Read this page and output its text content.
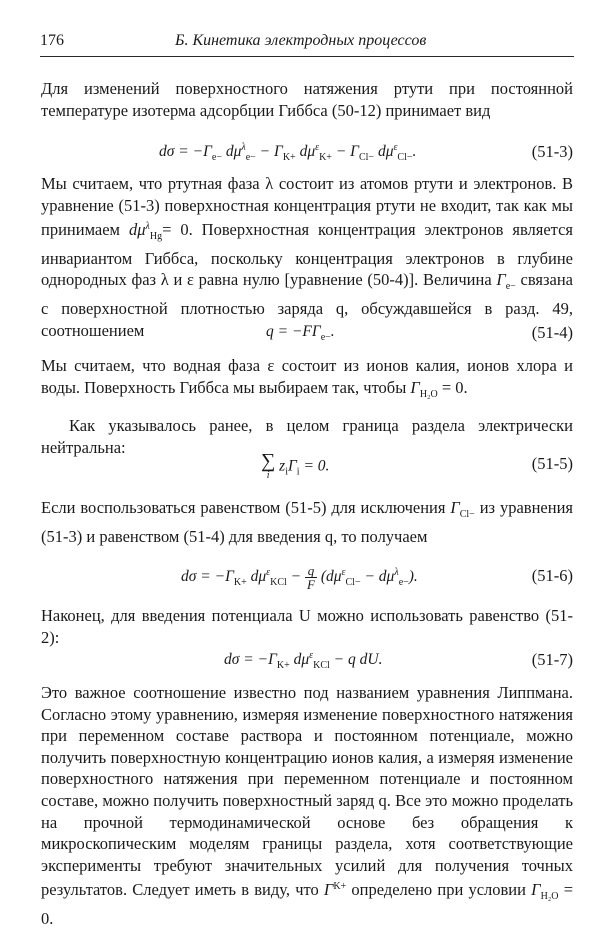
176	Б. Кинетика электродных процессов

Для изменений поверхностного натяжения ртути при постоянной температуре изотерма адсорбции Гиббса (50-12) принимает вид

$d\sigma = -\Gamma_{e-}$ $d\mu^\lambda_{e-} - \Gamma_{K+}$ $d\mu^\varepsilon_{K+} - \Gamma_{Cl-}$ $d\mu^\varepsilon_{Cl-}$.	(51-3)

Мы считаем, что ртутная фаза λ состоит из атомов ртути и электронов. В уравнение (51-3) поверхностная концентрация ртути не входит, так как мы принимаем $d\mu^\lambda_{Hg}= 0$. Поверхностная концентрация электронов является инвариантом Гиббса, поскольку концентрация электронов в глубине однородных фаз λ и ε равна нулю [уравнение (50-4)]. Величина $\Gamma_{e-}$ связана с поверхностной плотностью заряда q, обсуждавшейся в разд. 49, соотношением	$q = -F\Gamma_{e-}$.	(51-4)

Мы считаем, что водная фаза ε состоит из ионов калия, ионов хлора и воды. Поверхность Гиббса мы выбираем так, чтобы $\Gamma_{H_2O} = 0$.

Как указывалось ранее, в целом граница раздела электрически нейтральна:

∑
i
$z_i\Gamma_i = 0$.	(51-5)

Если воспользоваться равенством (51-5) для исключения $\Gamma_{Cl-}$ из уравнения (51-3) и равенством (51-4) для введения q, то получаем

$d\sigma = -\Gamma_{K+}$ $d\mu^\varepsilon_{KCl} - \frac{q}{F} (d\mu^\varepsilon_{Cl-} - d\mu^\lambda_{e-})$.	(51-6)

Наконец, для введения потенциала U можно использовать равенство (51-2):

$d\sigma = -\Gamma_{K+}$ $d\mu^\varepsilon_{KCl} - q$ dU.	(51-7)

Это важное соотношение известно под названием уравнения Липпмана. Согласно этому уравнению, измеряя изменение поверхностного натяжения при переменном составе раствора и постоянном потенциале, можно получить поверхностную концентрацию ионов калия, а измеряя изменение поверхностного натяжения при переменном потенциале и постоянном составе, можно получить поверхностный заряд q. Все это можно проделать на прочной термодинамической основе без обращения к микроскопическим моделям границы раздела, хотя соответствующие эксперименты требуют значительных усилий для получения точных результатов. Следует иметь в виду, что $\Gamma^{K+}$ определено при условии $\Gamma_{H_2O} = 0$.
